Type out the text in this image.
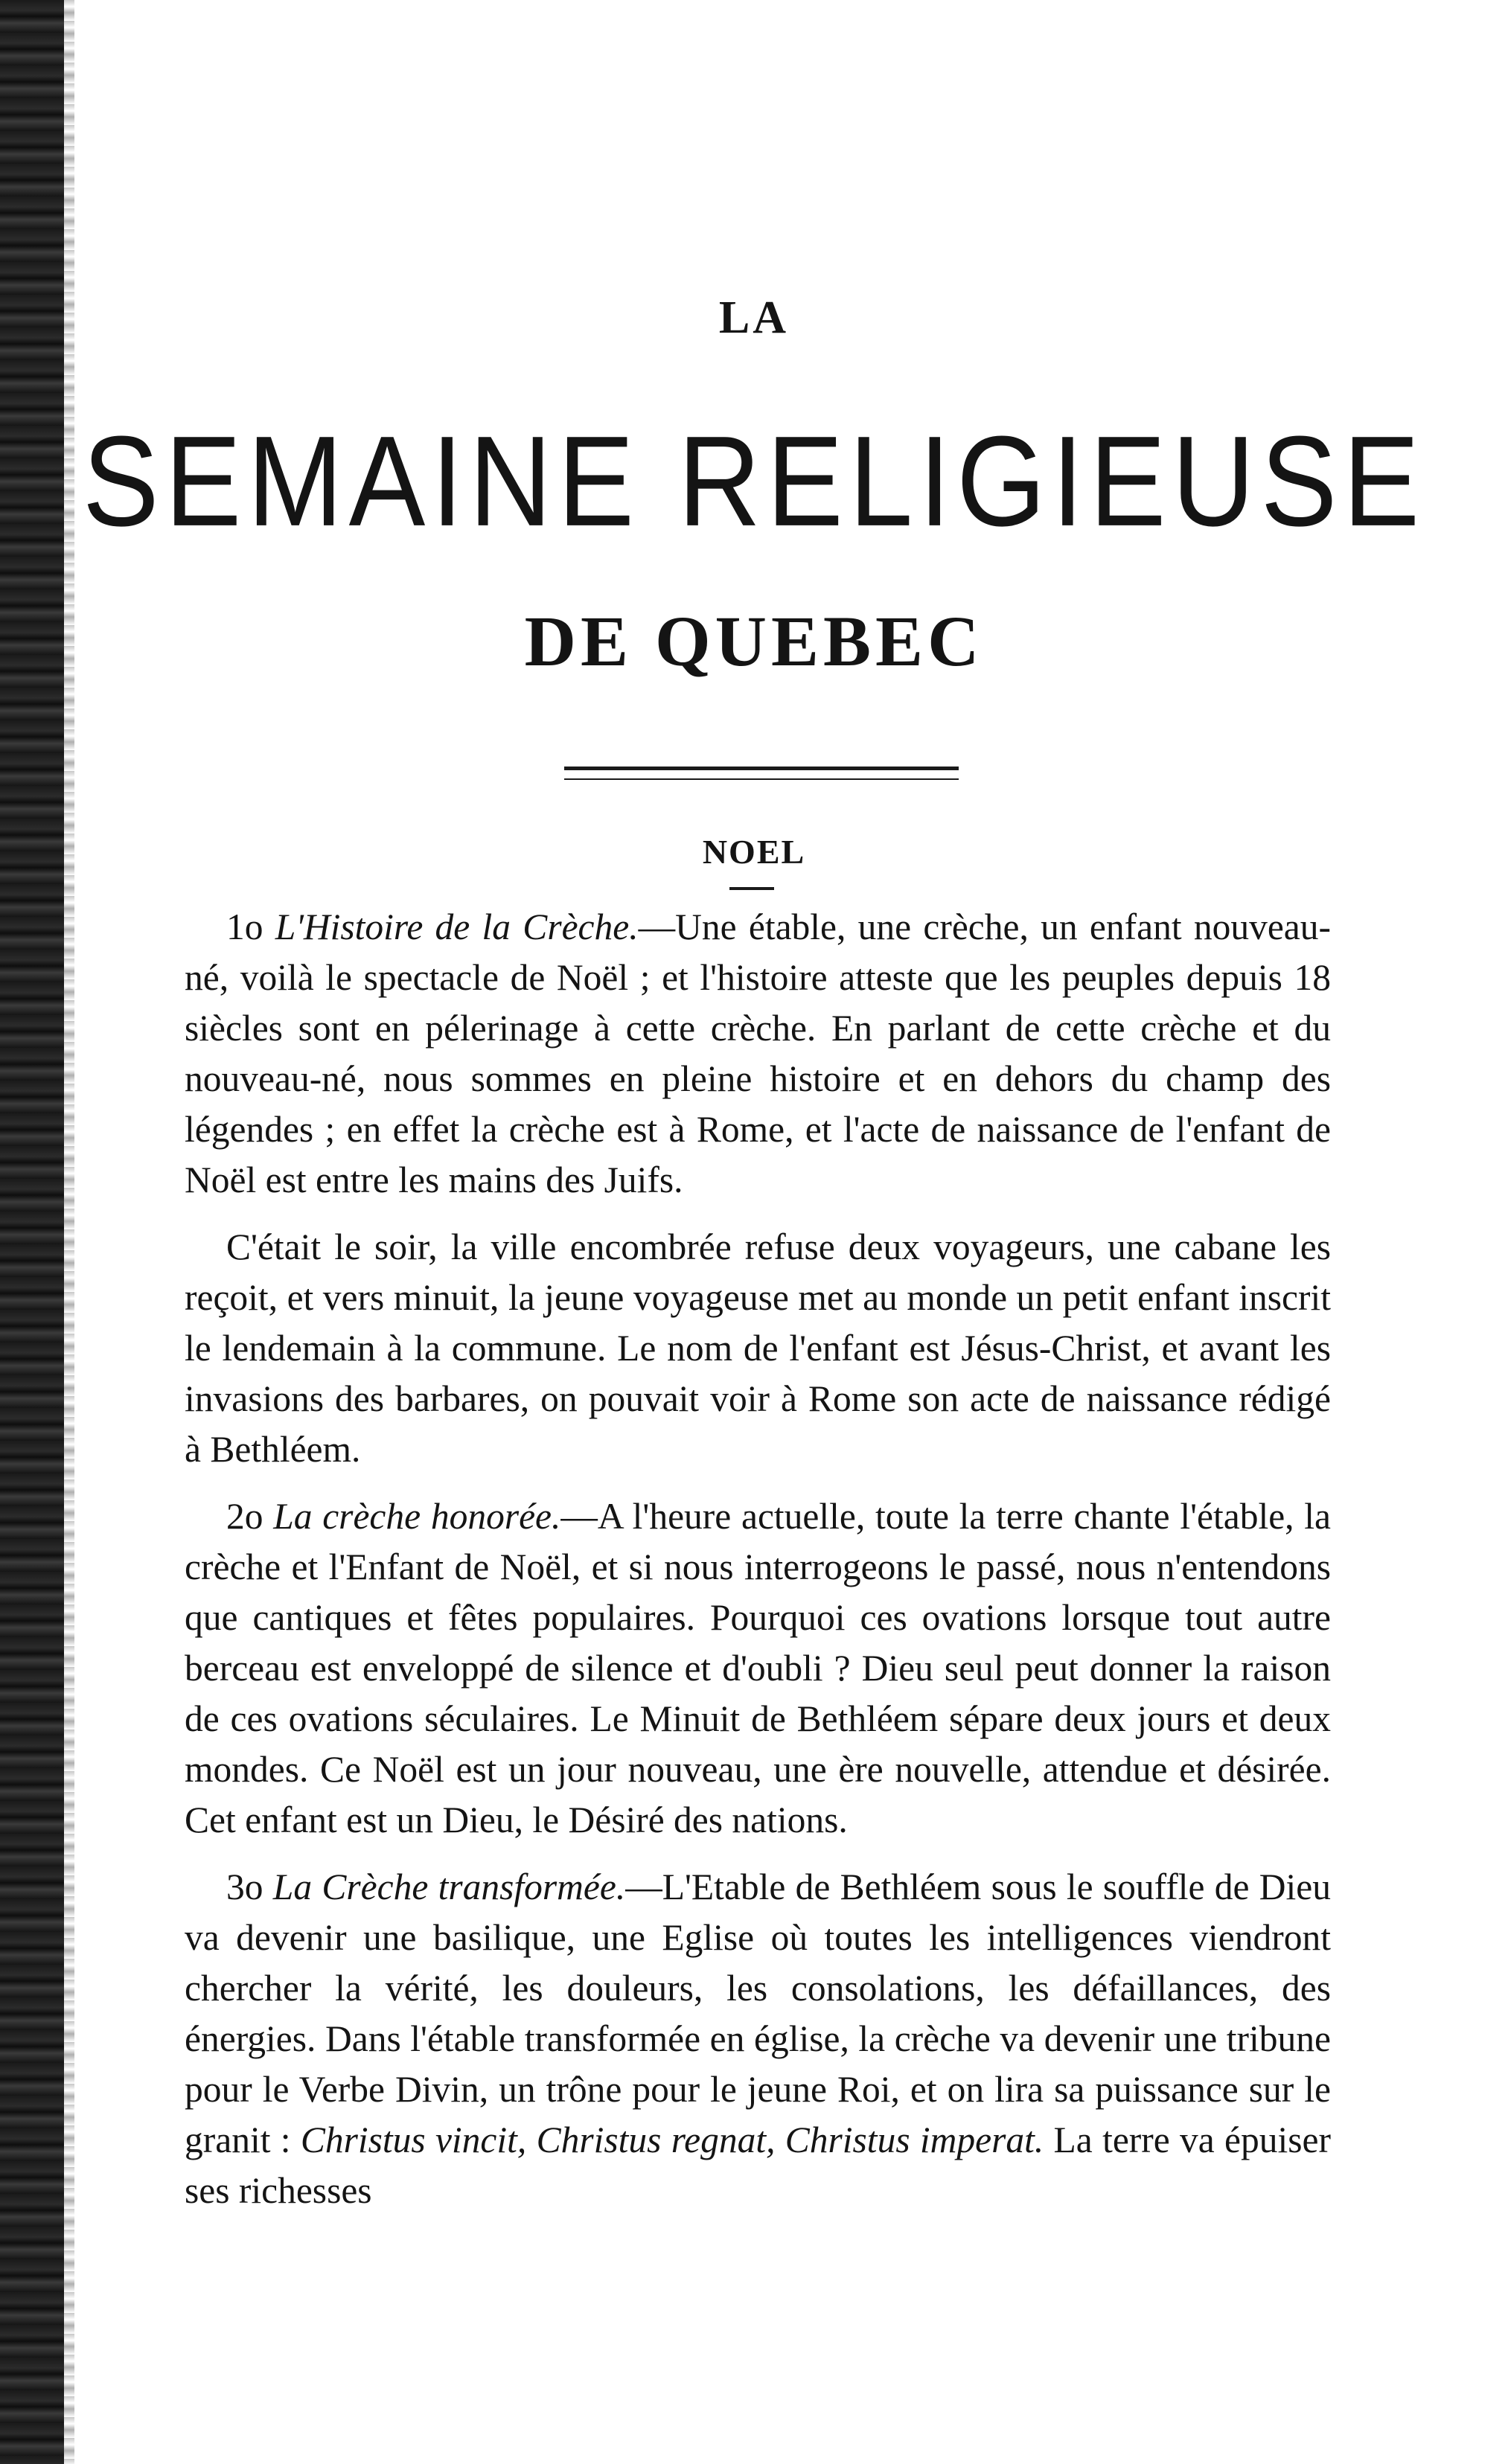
LA
SEMAINE RELIGIEUSE
DE QUEBEC
NOEL

1o L'Histoire de la Crèche.—Une étable, une crèche, un enfant nouveau-né, voilà le spectacle de Noël ; et l'histoire atteste que les peuples depuis 18 siècles sont en pélerinage à cette crèche. En parlant de cette crèche et du nouveau-né, nous sommes en pleine histoire et en dehors du champ des légendes ; en effet la crèche est à Rome, et l'acte de naissance de l'enfant de Noël est entre les mains des Juifs.

C'était le soir, la ville encombrée refuse deux voyageurs, une cabane les reçoit, et vers minuit, la jeune voyageuse met au monde un petit enfant inscrit le lendemain à la commune. Le nom de l'enfant est Jésus-Christ, et avant les invasions des barbares, on pouvait voir à Rome son acte de naissance rédigé à Bethléem.

2o La crèche honorée.—A l'heure actuelle, toute la terre chante l'étable, la crèche et l'Enfant de Noël, et si nous interrogeons le passé, nous n'entendons que cantiques et fêtes populaires. Pourquoi ces ovations lorsque tout autre berceau est enveloppé de silence et d'oubli ? Dieu seul peut donner la raison de ces ovations séculaires. Le Minuit de Bethléem sépare deux jours et deux mondes. Ce Noël est un jour nouveau, une ère nouvelle, attendue et désirée. Cet enfant est un Dieu, le Désiré des nations.

3o La Crèche transformée.—L'Etable de Bethléem sous le souffle de Dieu va devenir une basilique, une Eglise où toutes les intelligences viendront chercher la vérité, les douleurs, les consolations, les défaillances, des énergies. Dans l'étable transformée en église, la crèche va devenir une tribune pour le Verbe Divin, un trône pour le jeune Roi, et on lira sa puissance sur le granit : Christus vincit, Christus regnat, Christus imperat. La terre va épuiser ses richesses
